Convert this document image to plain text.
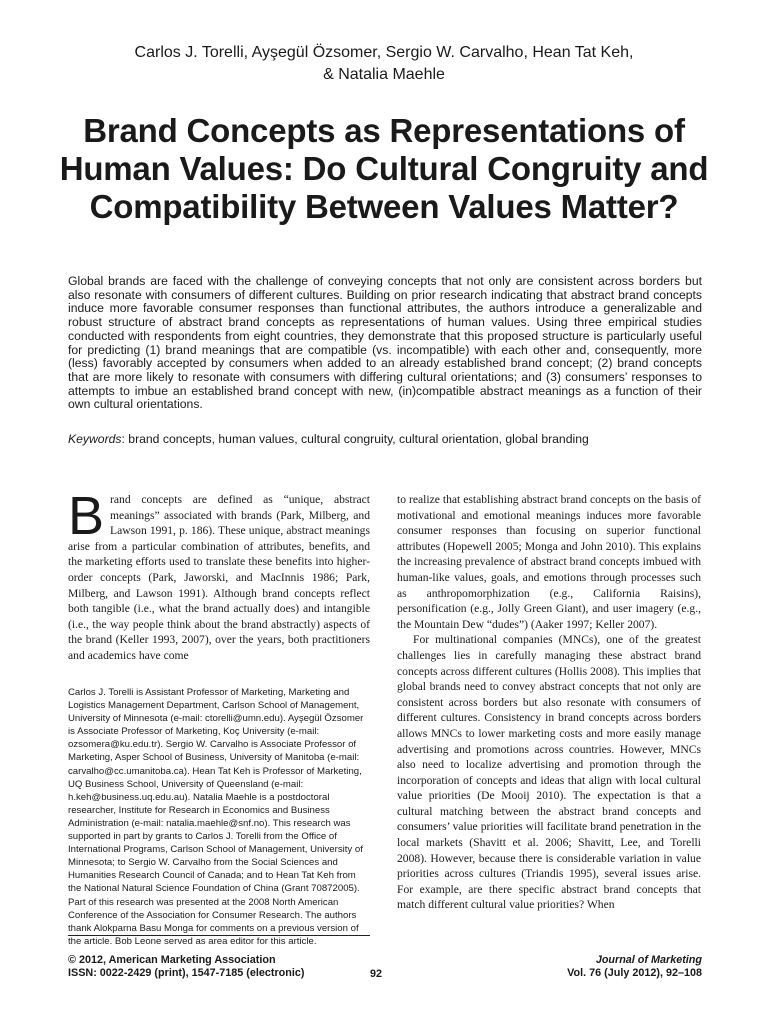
Carlos J. Torelli, Ayşegül Özsomer, Sergio W. Carvalho, Hean Tat Keh,
& Natalia Maehle
Brand Concepts as Representations of Human Values: Do Cultural Congruity and Compatibility Between Values Matter?

Global brands are faced with the challenge of conveying concepts that not only are consistent across borders but also resonate with consumers of different cultures. Building on prior research indicating that abstract brand concepts induce more favorable consumer responses than functional attributes, the authors introduce a generalizable and robust structure of abstract brand concepts as representations of human values. Using three empirical studies conducted with respondents from eight countries, they demonstrate that this proposed structure is particularly useful for predicting (1) brand meanings that are compatible (vs. incompatible) with each other and, consequently, more (less) favorably accepted by consumers when added to an already established brand concept; (2) brand concepts that are more likely to resonate with consumers with differing cultural orientations; and (3) consumers’ responses to attempts to imbue an established brand concept with new, (in)compatible abstract meanings as a function of their own cultural orientations.

Keywords: brand concepts, human values, cultural congruity, cultural orientation, global branding

Brand concepts are defined as “unique, abstract meanings” associated with brands (Park, Milberg, and Lawson 1991, p. 186). These unique, abstract meanings arise from a particular combination of attributes, benefits, and the marketing efforts used to translate these benefits into higher-order concepts (Park, Jaworski, and MacInnis 1986; Park, Milberg, and Lawson 1991). Although brand concepts reflect both tangible (i.e., what the brand actually does) and intangible (i.e., the way people think about the brand abstractly) aspects of the brand (Keller 1993, 2007), over the years, both practitioners and academics have come

Carlos J. Torelli is Assistant Professor of Marketing, Marketing and Logistics Management Department, Carlson School of Management, University of Minnesota (e-mail: ctorelli@umn.edu). Ayşegül Özsomer is Associate Professor of Marketing, Koç University (e-mail: ozsomera@ku.edu.tr). Sergio W. Carvalho is Associate Professor of Marketing, Asper School of Business, University of Manitoba (e-mail: carvalho@cc.umanitoba.ca). Hean Tat Keh is Professor of Marketing, UQ Business School, University of Queensland (e-mail: h.keh@business.uq.edu.au). Natalia Maehle is a postdoctoral researcher, Institute for Research in Economics and Business Administration (e-mail: natalia.maehle@snf.no). This research was supported in part by grants to Carlos J. Torelli from the Office of International Programs, Carlson School of Management, University of Minnesota; to Sergio W. Carvalho from the Social Sciences and Humanities Research Council of Canada; and to Hean Tat Keh from the National Natural Science Foundation of China (Grant 70872005). Part of this research was presented at the 2008 North American Conference of the Association for Consumer Research. The authors thank Alokparna Basu Monga for comments on a previous version of the article. Bob Leone served as area editor for this article.

to realize that establishing abstract brand concepts on the basis of motivational and emotional meanings induces more favorable consumer responses than focusing on superior functional attributes (Hopewell 2005; Monga and John 2010). This explains the increasing prevalence of abstract brand concepts imbued with human-like values, goals, and emotions through processes such as anthropomorphization (e.g., California Raisins), personification (e.g., Jolly Green Giant), and user imagery (e.g., the Mountain Dew “dudes”) (Aaker 1997; Keller 2007).

For multinational companies (MNCs), one of the greatest challenges lies in carefully managing these abstract brand concepts across different cultures (Hollis 2008). This implies that global brands need to convey abstract concepts that not only are consistent across borders but also resonate with consumers of different cultures. Consistency in brand concepts across borders allows MNCs to lower marketing costs and more easily manage advertising and promotions across countries. However, MNCs also need to localize advertising and promotion through the incorporation of concepts and ideas that align with local cultural value priorities (De Mooij 2010). The expectation is that a cultural matching between the abstract brand concepts and consumers’ value priorities will facilitate brand penetration in the local markets (Shavitt et al. 2006; Shavitt, Lee, and Torelli 2008). However, because there is considerable variation in value priorities across cultures (Triandis 1995), several issues arise. For example, are there specific abstract brand concepts that match different cultural value priorities? When

© 2012, American Marketing Association
ISSN: 0022-2429 (print), 1547-7185 (electronic)	92
Journal of Marketing
Vol. 76 (July 2012), 92–108
